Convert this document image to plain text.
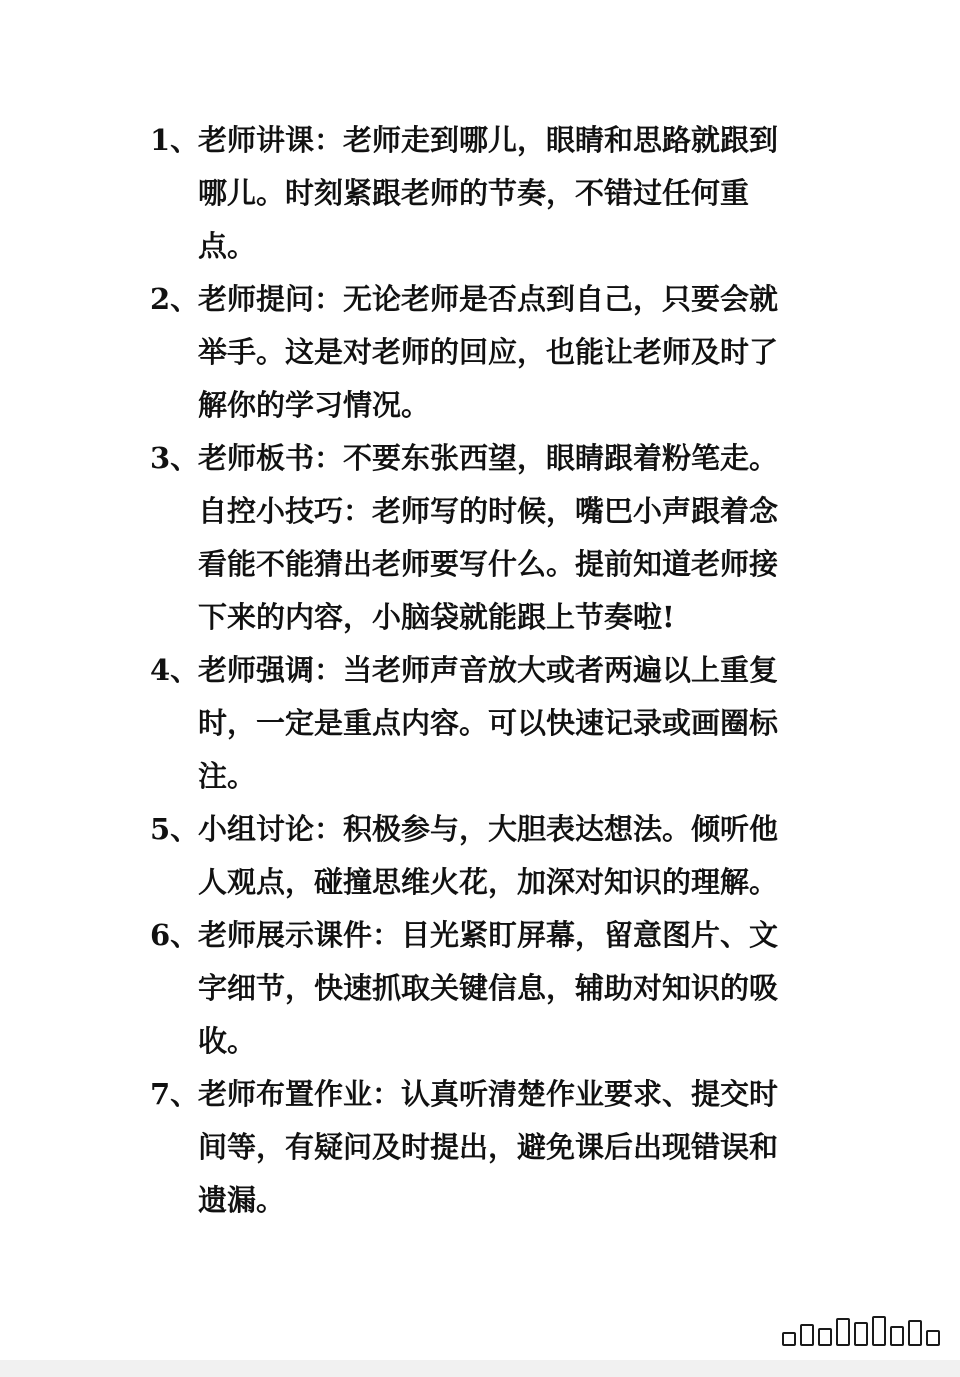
1、
老师讲课：老师走到哪儿，眼睛和思路就跟到哪儿。时刻紧跟老师的节奏，不错过任何重点。
2、
老师提问：无论老师是否点到自己，只要会就举手。这是对老师的回应，也能让老师及时了解你的学习情况。
3、
老师板书：不要东张西望，眼睛跟着粉笔走。自控小技巧：老师写的时候，嘴巴小声跟着念看能不能猜出老师要写什么。提前知道老师接下来的内容，小脑袋就能跟上节奏啦!
4、
老师强调：当老师声音放大或者两遍以上重复时，一定是重点内容。可以快速记录或画圈标注。
5、
小组讨论：积极参与，大胆表达想法。倾听他人观点，碰撞思维火花，加深对知识的理解。
6、
老师展示课件：目光紧盯屏幕，留意图片、文字细节，快速抓取关键信息，辅助对知识的吸收。
7、
老师布置作业：认真听清楚作业要求、提交时间等，有疑问及时提出，避免课后出现错误和遗漏。
